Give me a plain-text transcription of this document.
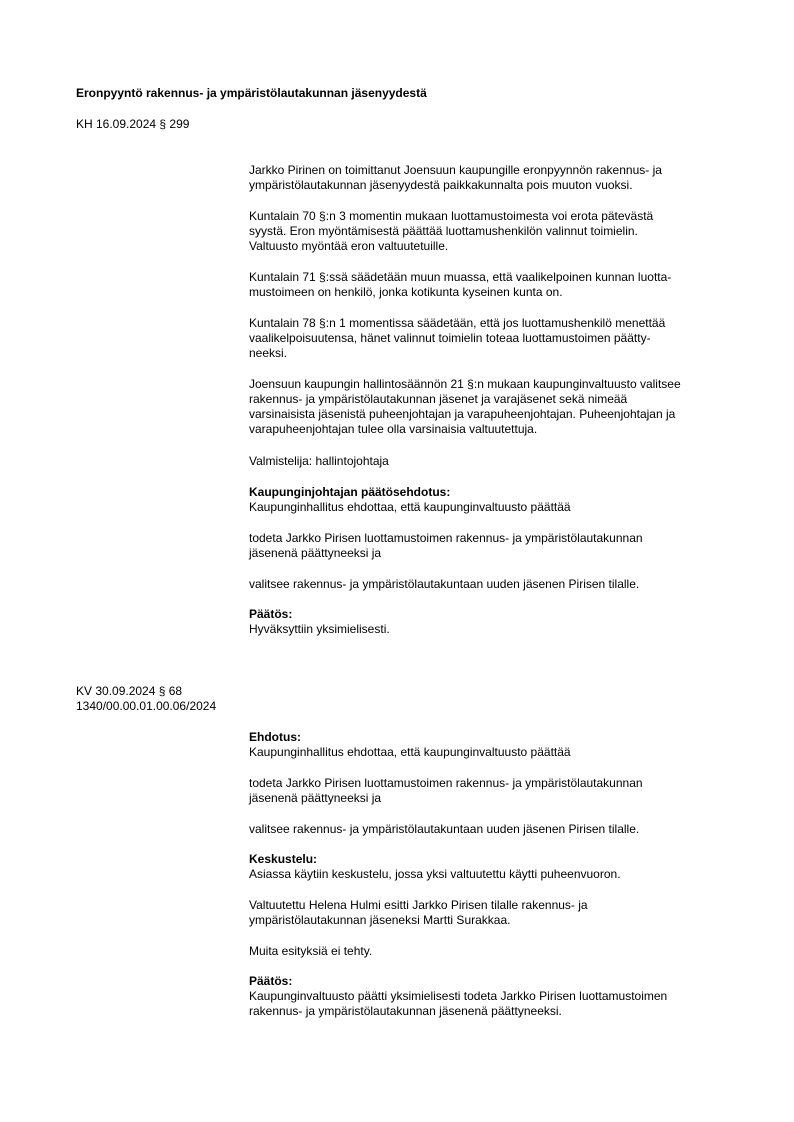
Eronpyyntö rakennus- ja ympäristölautakunnan jäsenyydestä
KH 16.09.2024 § 299
Jarkko Pirinen on toimittanut Joensuun kaupungille eronpyynnön rakennus- ja
ympäristölautakunnan jäsenyydestä paikkakunnalta pois muuton vuoksi.
Kuntalain 70 §:n 3 momentin mukaan luottamustoimesta voi erota pätevästä
syystä. Eron myöntämisestä päättää luottamushenkilön valinnut toimielin.
Valtuusto myöntää eron valtuutetuille.
Kuntalain 71 §:ssä säädetään muun muassa, että vaalikelpoinen kunnan luotta-
mustoimeen on henkilö, jonka kotikunta kyseinen kunta on.
Kuntalain 78 §:n 1 momentissa säädetään, että jos luottamushenkilö menettää
vaalikelpoisuutensa, hänet valinnut toimielin toteaa luottamustoimen päätty-
neeksi.
Joensuun kaupungin hallintosäännön 21 §:n mukaan kaupunginvaltuusto valitsee
rakennus- ja ympäristölautakunnan jäsenet ja varajäsenet sekä nimeää
varsinaisista jäsenistä puheenjohtajan ja varapuheenjohtajan. Puheenjohtajan ja
varapuheenjohtajan tulee olla varsinaisia valtuutettuja.
Valmistelija: hallintojohtaja
Kaupunginjohtajan päätösehdotus:
Kaupunginhallitus ehdottaa, että kaupunginvaltuusto päättää
todeta Jarkko Pirisen luottamustoimen rakennus- ja ympäristölautakunnan
jäsenenä päättyneeksi ja
valitsee rakennus- ja ympäristölautakuntaan uuden jäsenen Pirisen tilalle.
Päätös:
Hyväksyttiin yksimielisesti.
KV 30.09.2024 § 68
1340/00.00.01.00.06/2024
Ehdotus:
Kaupunginhallitus ehdottaa, että kaupunginvaltuusto päättää
todeta Jarkko Pirisen luottamustoimen rakennus- ja ympäristölautakunnan
jäsenenä päättyneeksi ja
valitsee rakennus- ja ympäristölautakuntaan uuden jäsenen Pirisen tilalle.
Keskustelu:
Asiassa käytiin keskustelu, jossa yksi valtuutettu käytti puheenvuoron.
Valtuutettu Helena Hulmi esitti Jarkko Pirisen tilalle rakennus- ja
ympäristölautakunnan jäseneksi Martti Surakkaa.
Muita esityksiä ei tehty.
Päätös:
Kaupunginvaltuusto päätti yksimielisesti todeta Jarkko Pirisen luottamustoimen
rakennus- ja ympäristölautakunnan jäsenenä päättyneeksi.
